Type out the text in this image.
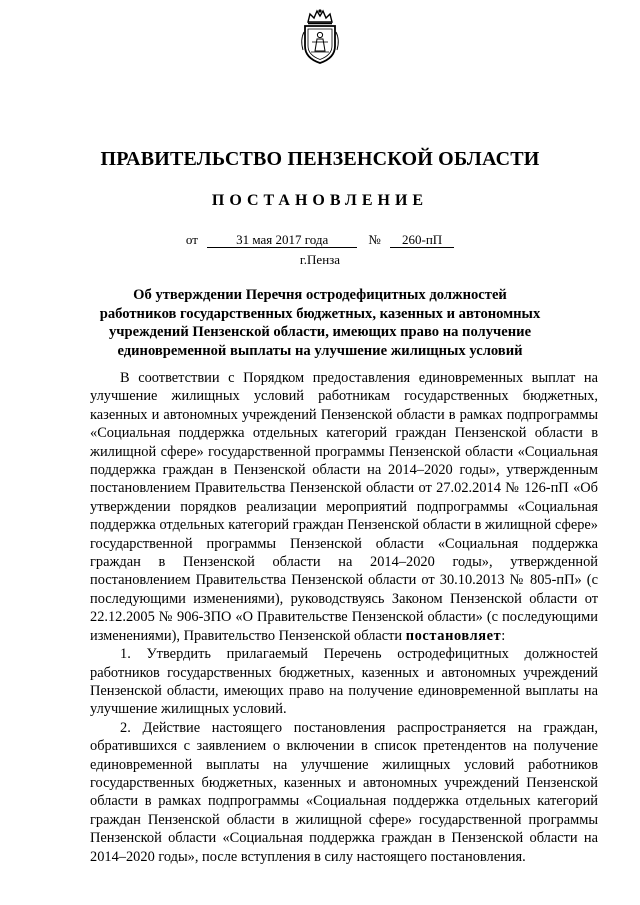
ПРАВИТЕЛЬСТВО ПЕНЗЕНСКОЙ ОБЛАСТИ
ПОСТАНОВЛЕНИЕ
от	31 мая 2017 года	№ 260-пП
г.Пенза
Об утверждении Перечня остродефицитных должностей работников государственных бюджетных, казенных и автономных учреждений Пензенской области, имеющих право на получение единовременной выплаты на улучшение жилищных условий

В соответствии с Порядком предоставления единовременных выплат на улучшение жилищных условий работникам государственных бюджетных, казенных и автономных учреждений Пензенской области в рамках подпрограммы «Социальная поддержка отдельных категорий граждан Пензенской области в жилищной сфере» государственной программы Пензенской области «Социальная поддержка граждан в Пензенской области на 2014–2020 годы», утвержденным постановлением Правительства Пензенской области от 27.02.2014 № 126-пП «Об утверждении порядков реализации мероприятий подпрограммы «Социальная поддержка отдельных категорий граждан Пензенской области в жилищной сфере» государственной программы Пензенской области «Социальная поддержка граждан в Пензенской области на 2014–2020 годы», утвержденной постановлением Правительства Пензенской области от 30.10.2013 № 805-пП» (с последующими изменениями), руководствуясь Законом Пензенской области от 22.12.2005 № 906-ЗПО «О Правительстве Пензенской области» (с последующими изменениями), Правительство Пензенской области постановляет:

1. Утвердить прилагаемый Перечень остродефицитных должностей работников государственных бюджетных, казенных и автономных учреждений Пензенской области, имеющих право на получение единовременной выплаты на улучшение жилищных условий.

2. Действие настоящего постановления распространяется на граждан, обратившихся с заявлением о включении в список претендентов на получение единовременной выплаты на улучшение жилищных условий работников государственных бюджетных, казенных и автономных учреждений Пензенской области в рамках подпрограммы «Социальная поддержка отдельных категорий граждан Пензенской области в жилищной сфере» государственной программы Пензенской области «Социальная поддержка граждан в Пензенской области на 2014–2020 годы», после вступления в силу настоящего постановления.
